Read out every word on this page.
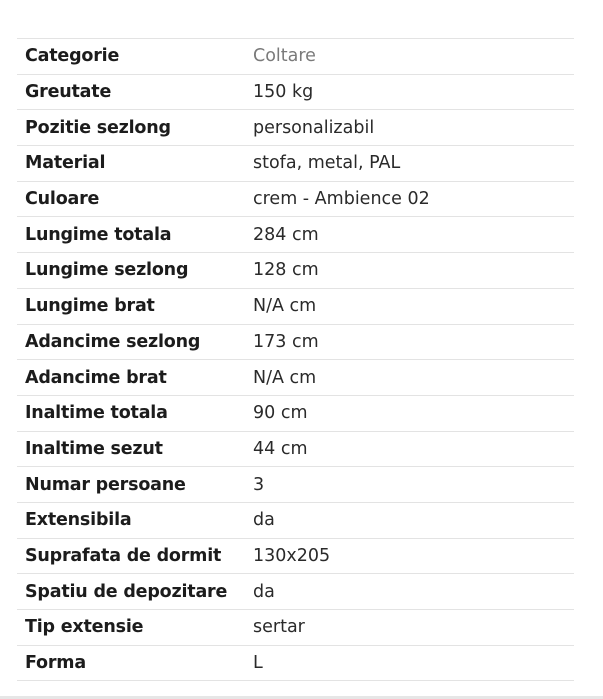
Categorie	Coltare
Greutate	150 kg
Pozitie sezlong	personalizabil
Material	stofa, metal, PAL
Culoare	crem - Ambience 02
Lungime totala	284 cm
Lungime sezlong	128 cm
Lungime brat	N/A cm
Adancime sezlong	173 cm
Adancime brat	N/A cm
Inaltime totala	90 cm
Inaltime sezut	44 cm
Numar persoane	3
Extensibila	da
Suprafata de dormit	130x205
Spatiu de depozitare	da
Tip extensie	sertar
Forma	L
